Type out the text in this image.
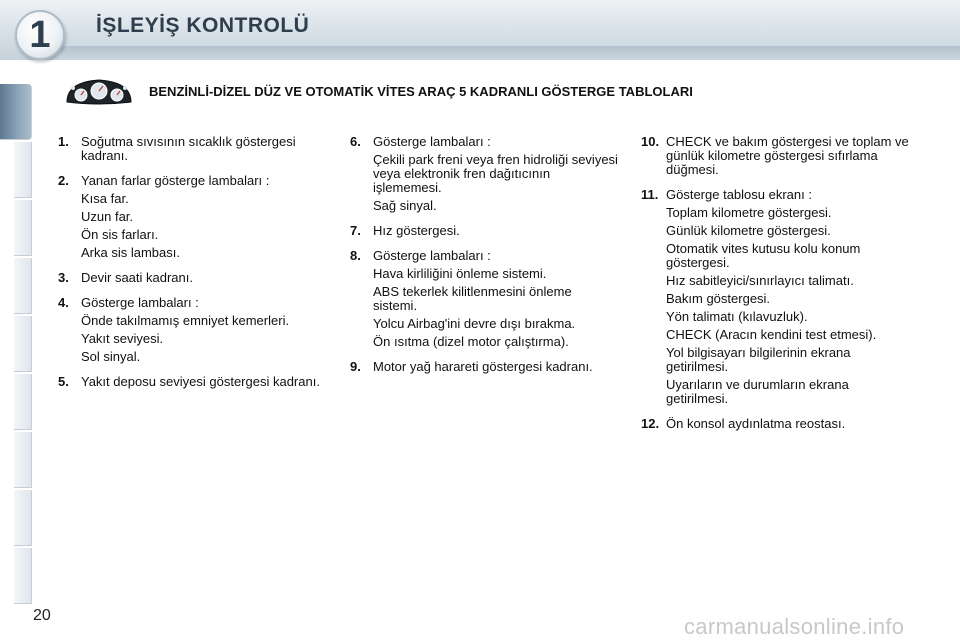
1 İŞLEYİŞ KONTROLÜ
BENZİNLİ-DİZEL DÜZ VE OTOMATİK VİTES ARAÇ 5 KADRANLI GÖSTERGE TABLOLARI
1. Soğutma sıvısının sıcaklık göstergesi kadranı.
2. Yanan farlar gösterge lambaları :
Kısa far.
Uzun far.
Ön sis farları.
Arka sis lambası.
3. Devir saati kadranı.
4. Gösterge lambaları :
Önde takılmamış emniyet kemerleri.
Yakıt seviyesi.
Sol sinyal.
5. Yakıt deposu seviyesi göstergesi kadranı.
6. Gösterge lambaları :
Çekili park freni veya fren hidroliği seviyesi veya elektronik fren dağıtıcının işlememesi.
Sağ sinyal.
7. Hız göstergesi.
8. Gösterge lambaları :
Hava kirliliğini önleme sistemi.
ABS tekerlek kilitlenmesini önleme sistemi.
Yolcu Airbag'ini devre dışı bırakma.
Ön ısıtma (dizel motor çalıştırma).
9. Motor yağ harareti göstergesi kadranı.
10. CHECK ve bakım göstergesi ve toplam ve günlük kilometre göstergesi sıfırlama düğmesi.
11. Gösterge tablosu ekranı :
Toplam kilometre göstergesi.
Günlük kilometre göstergesi.
Otomatik vites kutusu kolu konum göstergesi.
Hız sabitleyici/sınırlayıcı talimatı.
Bakım göstergesi.
Yön talimatı (kılavuzluk).
CHECK (Aracın kendini test etmesi).
Yol bilgisayarı bilgilerinin ekrana getirilmesi.
Uyarıların ve durumların ekrana getirilmesi.
12. Ön konsol aydınlatma reostası.
20	carmanualsonline.info
